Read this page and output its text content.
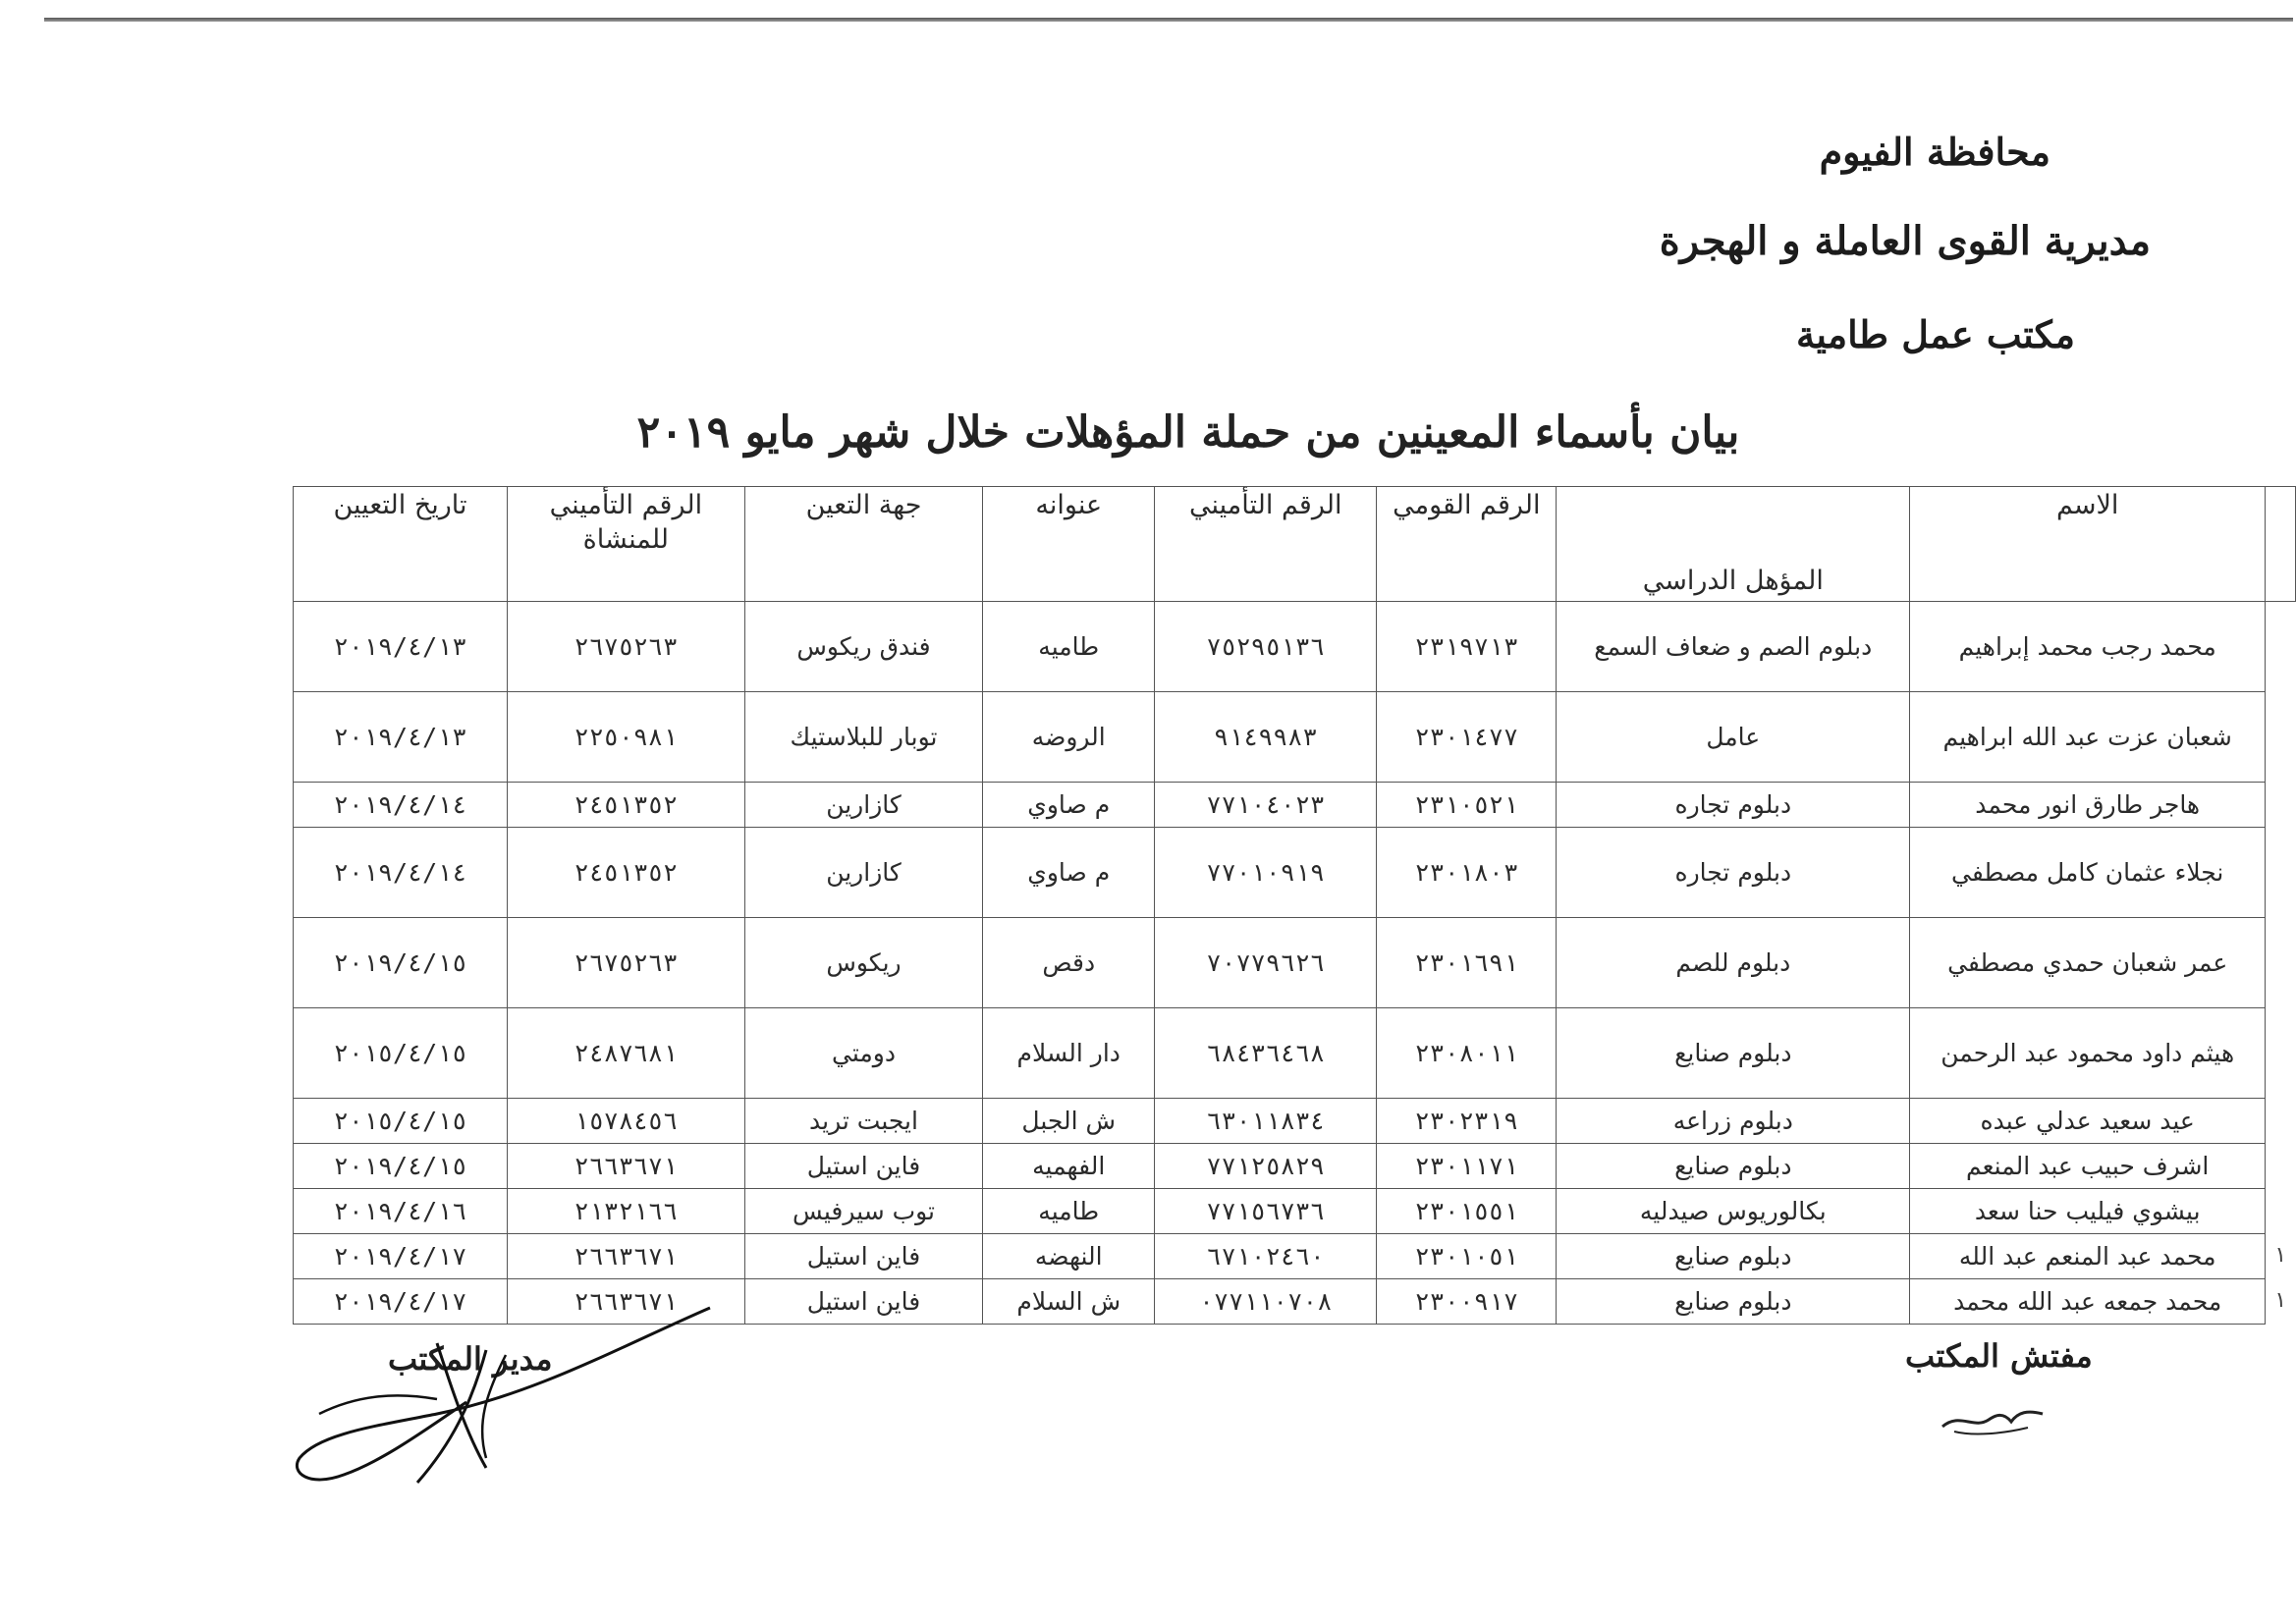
محافظة الفيوم
مديرية القوى العاملة و الهجرة
مكتب عمل طامية
بيان بأسماء المعينين من حملة المؤهلات خلال شهر مايو ٢٠١٩
	الاسم	المؤهل الدراسي	الرقم القومي	الرقم التأميني	عنوانه	جهة التعين	الرقم التأميني للمنشاة	تاريخ التعيين
	محمد رجب محمد إبراهيم	دبلوم الصم و ضعاف السمع	٢٣١٩٧١٣	٧٥٢٩٥١٣٦	طاميه	فندق ريكوس	٢٦٧٥٢٦٣	٢٠١٩/٤/١٣
	شعبان عزت عبد الله ابراهيم	عامل	٢٣٠١٤٧٧	٩١٤٩٩٨٣	الروضه	توبار للبلاستيك	٢٢٥٠٩٨١	٢٠١٩/٤/١٣
	هاجر طارق انور محمد	دبلوم تجاره	٢٣١٠٥٢١	٧٧١٠٤٠٢٣	م صاوي	كازارين	٢٤٥١٣٥٢	٢٠١٩/٤/١٤
	نجلاء عثمان كامل مصطفي	دبلوم تجاره	٢٣٠١٨٠٣	٧٧٠١٠٩١٩	م صاوي	كازارين	٢٤٥١٣٥٢	٢٠١٩/٤/١٤
	عمر شعبان حمدي مصطفي	دبلوم للصم	٢٣٠١٦٩١	٧٠٧٧٩٦٢٦	دقص	ريكوس	٢٦٧٥٢٦٣	٢٠١٩/٤/١٥
	هيثم داود محمود عبد الرحمن	دبلوم صنايع	٢٣٠٨٠١١	٦٨٤٣٦٤٦٨	دار السلام	دومتي	٢٤٨٧٦٨١	٢٠١٥/٤/١٥
	عيد سعيد عدلي عبده	دبلوم زراعه	٢٣٠٢٣١٩	٦٣٠١١٨٣٤	ش الجبل	ايجبت تريد	١٥٧٨٤٥٦	٢٠١٥/٤/١٥
	اشرف حبيب عبد المنعم	دبلوم صنايع	٢٣٠١١٧١	٧٧١٢٥٨٢٩	الفهميه	فاين استيل	٢٦٦٣٦٧١	٢٠١٩/٤/١٥
	بيشوي فيليب حنا سعد	بكالوريوس صيدليه	٢٣٠١٥٥١	٧٧١٥٦٧٣٦	طاميه	توب سيرفيس	٢١٣٢١٦٦	٢٠١٩/٤/١٦
١	محمد عبد المنعم عبد الله	دبلوم صنايع	٢٣٠١٠٥١	٦٧١٠٢٤٦٠	النهضه	فاين استيل	٢٦٦٣٦٧١	٢٠١٩/٤/١٧
١	محمد جمعه عبد الله محمد	دبلوم صنايع	٢٣٠٠٩١٧	٠٧٧١١٠٧٠٨	ش السلام	فاين استيل	٢٦٦٣٦٧١	٢٠١٩/٤/١٧
مفتش المكتب
مدير المكتب
